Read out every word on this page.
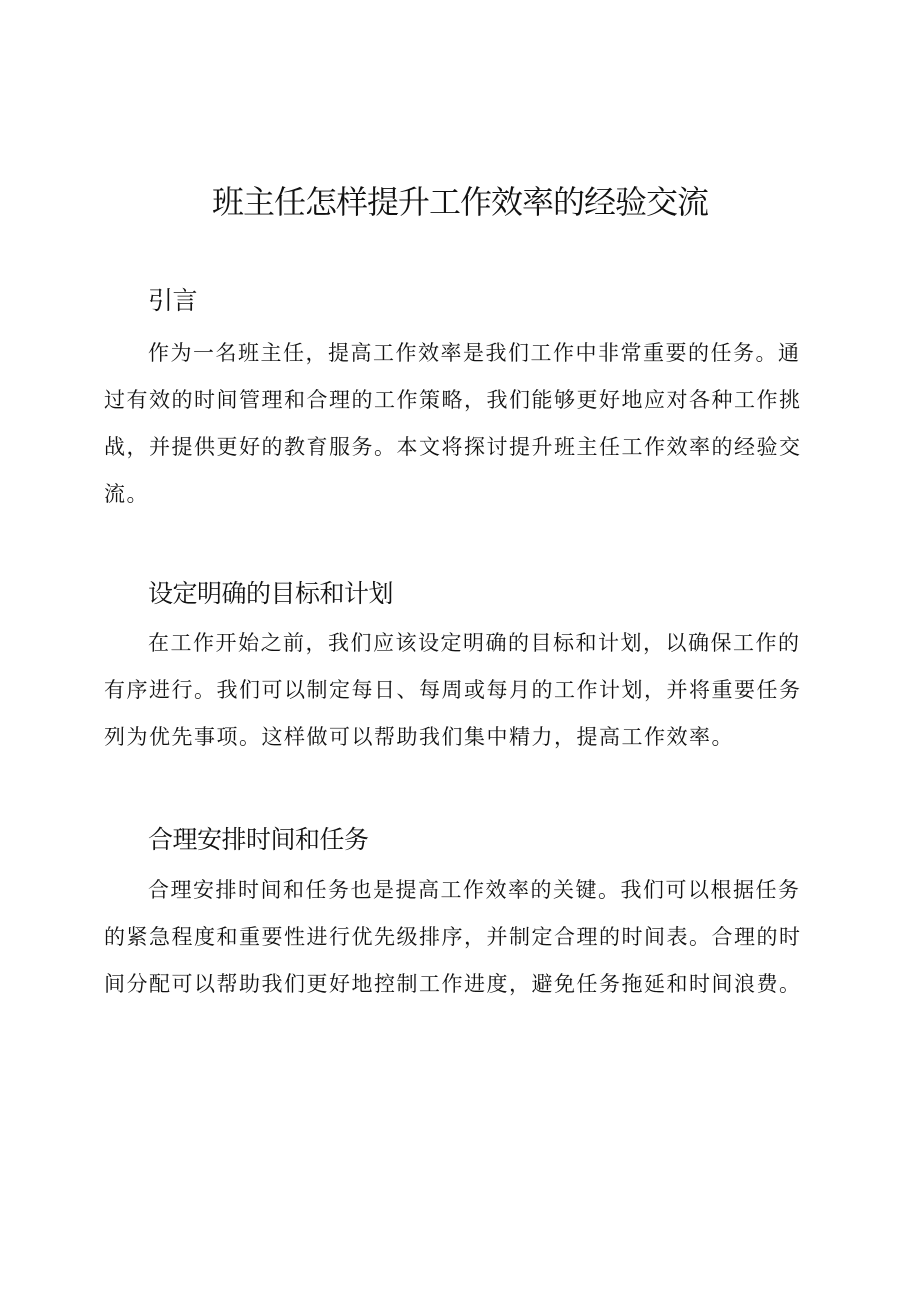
班主任怎样提升工作效率的经验交流
引言
作为一名班主任，提高工作效率是我们工作中非常重要的任务。通
过有效的时间管理和合理的工作策略，我们能够更好地应对各种工作挑
战，并提供更好的教育服务。本文将探讨提升班主任工作效率的经验交
流。
设定明确的目标和计划
在工作开始之前，我们应该设定明确的目标和计划，以确保工作的
有序进行。我们可以制定每日、每周或每月的工作计划，并将重要任务
列为优先事项。这样做可以帮助我们集中精力，提高工作效率。
合理安排时间和任务
合理安排时间和任务也是提高工作效率的关键。我们可以根据任务
的紧急程度和重要性进行优先级排序，并制定合理的时间表。合理的时
间分配可以帮助我们更好地控制工作进度，避免任务拖延和时间浪费。
